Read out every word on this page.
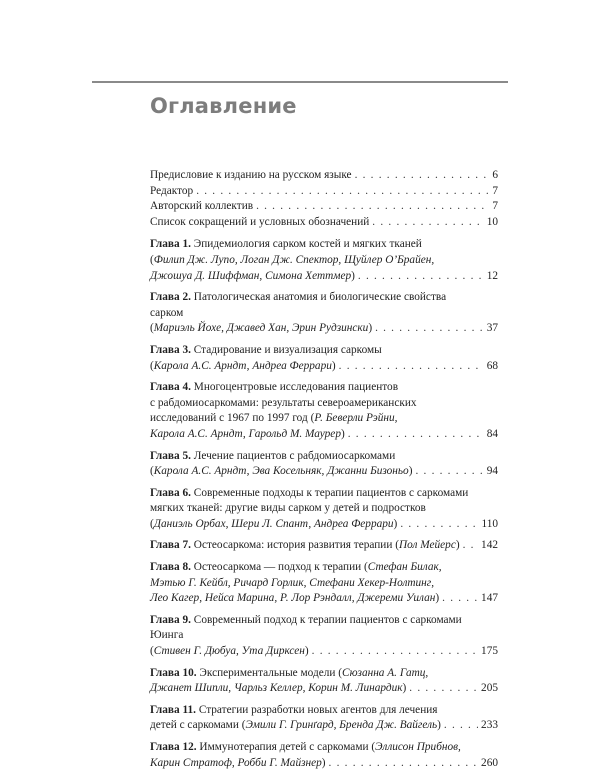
Оглавление
Предисловие к изданию на русском языке . . .	6
Редактор . . .	7
Авторский коллектив . . .	7
Список сокращений и условных обозначений . . .	10
Глава 1. Эпидемиология сарком костей и мягких тканей
(Филип Дж. Лупо, Логан Дж. Спектор, Щуйлер О’Брайен,
Джошуа Д. Шиффман, Симона Хеттмер) . . .	12
Глава 2. Патологическая анатомия и биологические свойства
сарком
(Мариэль Йохе, Джавед Хан, Эрин Рудзински) . . .	37
Глава 3. Стадирование и визуализация саркомы
(Карола А.С. Арндт, Андреа Феррари) . . .	68
Глава 4. Многоцентровые исследования пациентов
с рабдомиосаркомами: результаты североамериканских
исследований с 1967 по 1997 год (Р. Беверли Рэйни,
Карола А.С. Арндт, Гарольд М. Маурер) . . .	84
Глава 5. Лечение пациентов с рабдомиосаркомами
(Карола А.С. Арндт, Эва Косельняк, Джанни Бизоньо) . . .	94
Глава 6. Современные подходы к терапии пациентов с саркомами
мягких тканей: другие виды сарком у детей и подростков
(Даниэль Орбах, Шери Л. Спант, Андреа Феррари) . . .	110
Глава 7. Остеосаркома: история развития терапии (Пол Мейерс) . . . 142
Глава 8. Остеосаркома — подход к терапии (Стефан Билак,
Мэтью Г. Кейбл, Ричард Горлик, Стефани Хекер-Нолтинг,
Лео Кагер, Нейса Марина, Р. Лор Рэндалл, Джереми Уилан) . . .	147
Глава 9. Современный подход к терапии пациентов с саркомами
Юинга
(Стивен Г. Дюбуа, Ута Дирксен) . . .	175
Глава 10. Экспериментальные модели (Сюзанна А. Гатц,
Джанет Шипли, Чарльз Келлер, Корин М. Линардик) . . .	205
Глава 11. Стратегии разработки новых агентов для лечения
детей с саркомами (Эмили Г. Гринґард, Бренда Дж. Вайгель) . . .	233
Глава 12. Иммунотерапия детей с саркомами (Эллисон Прибнов,
Карин Стратоф, Робби Г. Майзнер) . . .	260
